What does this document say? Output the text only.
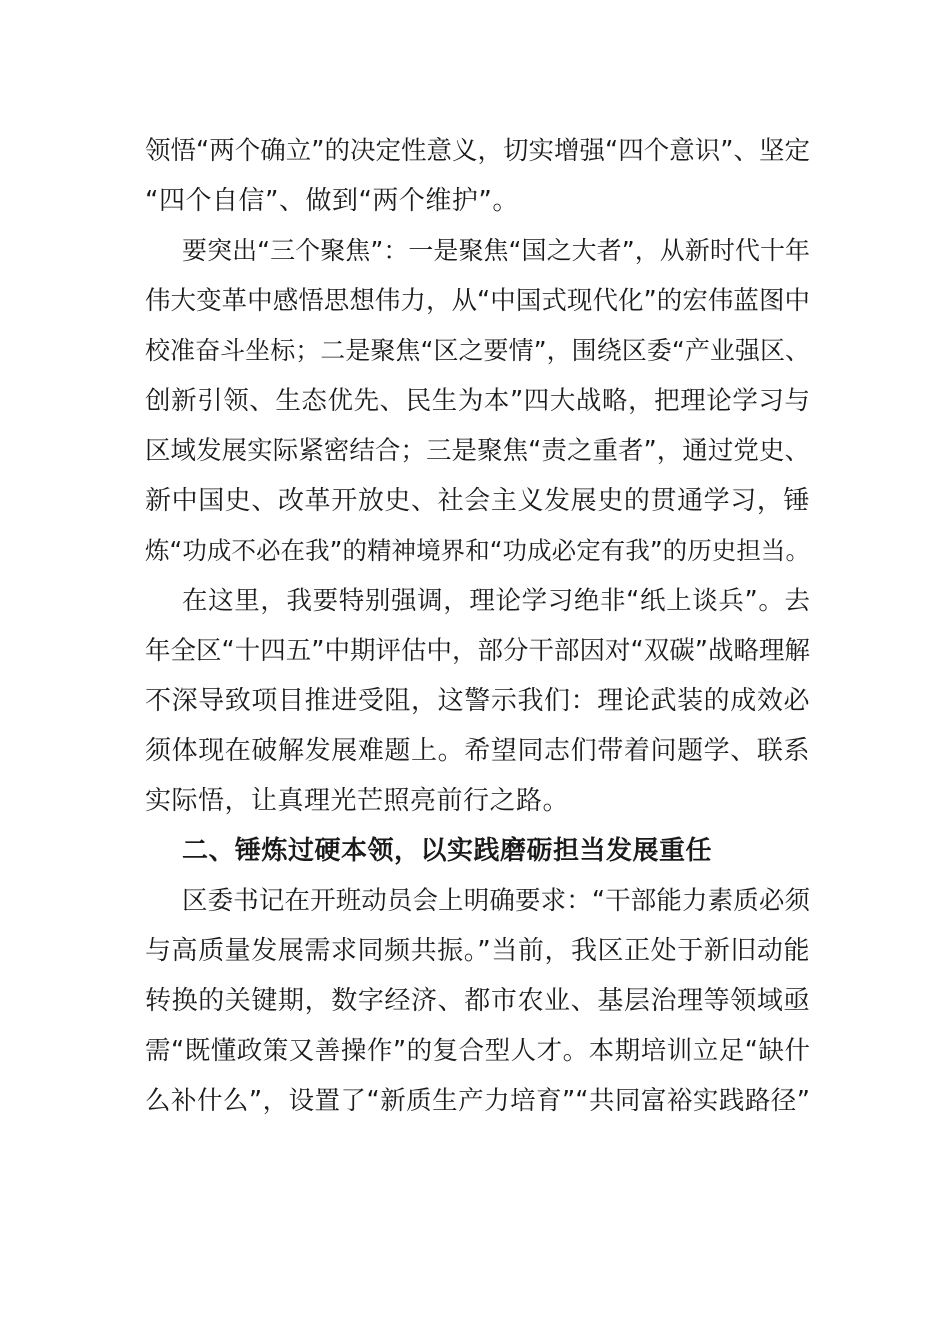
领悟“两个确立”的决定性意义，切实增强“四个意识”、坚定
“四个自信”、做到“两个维护”。
要突出“三个聚焦”：一是聚焦“国之大者”，从新时代十年
伟大变革中感悟思想伟力，从“中国式现代化”的宏伟蓝图中
校准奋斗坐标；二是聚焦“区之要情”，围绕区委“产业强区、
创新引领、生态优先、民生为本”四大战略，把理论学习与
区域发展实际紧密结合；三是聚焦“责之重者”，通过党史、
新中国史、改革开放史、社会主义发展史的贯通学习，锤
炼“功成不必在我”的精神境界和“功成必定有我”的历史担当。
在这里，我要特别强调，理论学习绝非“纸上谈兵”。去
年全区“十四五”中期评估中，部分干部因对“双碳”战略理解
不深导致项目推进受阻，这警示我们：理论武装的成效必
须体现在破解发展难题上。希望同志们带着问题学、联系
实际悟，让真理光芒照亮前行之路。
二、锤炼过硬本领，以实践磨砺担当发展重任
区委书记在开班动员会上明确要求：“干部能力素质必须
与高质量发展需求同频共振。”当前，我区正处于新旧动能
转换的关键期，数字经济、都市农业、基层治理等领域亟
需“既懂政策又善操作”的复合型人才。本期培训立足“缺什
么补什么”，设置了“新质生产力培育”“共同富裕实践路径”
